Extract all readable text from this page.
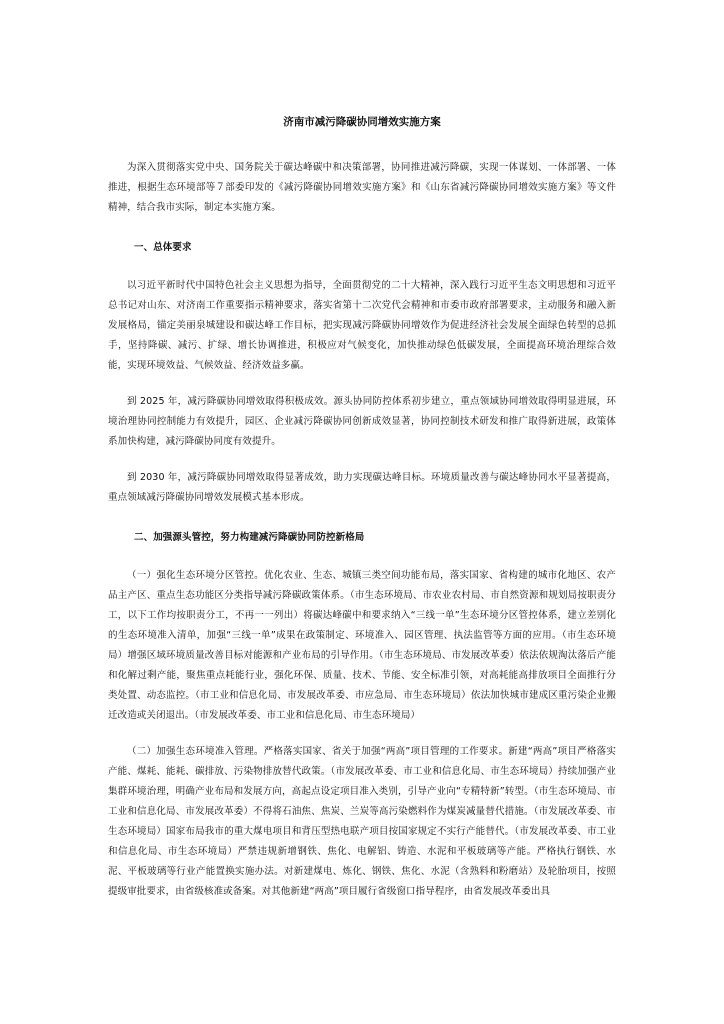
济南市减污降碳协同增效实施方案

为深入贯彻落实党中央、国务院关于碳达峰碳中和决策部署，协同推进减污降碳，实现一体谋划、一体部署、一体推进，根据生态环境部等７部委印发的《减污降碳协同增效实施方案》和《山东省减污降碳协同增效实施方案》等文件精神，结合我市实际，制定本实施方案。

一、总体要求

以习近平新时代中国特色社会主义思想为指导，全面贯彻党的二十大精神，深入践行习近平生态文明思想和习近平总书记对山东、对济南工作重要指示精神要求，落实省第十二次党代会精神和市委市政府部署要求，主动服务和融入新发展格局，锚定美丽泉城建设和碳达峰工作目标，把实现减污降碳协同增效作为促进经济社会发展全面绿色转型的总抓手，坚持降碳、减污、扩绿、增长协调推进，积极应对气候变化，加快推动绿色低碳发展，全面提高环境治理综合效能，实现环境效益、气候效益、经济效益多赢。

到 2025 年，减污降碳协同增效取得积极成效。源头协同防控体系初步建立，重点领域协同增效取得明显进展，环境治理协同控制能力有效提升，园区、企业减污降碳协同创新成效显著，协同控制技术研发和推广取得新进展，政策体系加快构建，减污降碳协同度有效提升。

到 2030 年，减污降碳协同增效取得显著成效，助力实现碳达峰目标。环境质量改善与碳达峰协同水平显著提高，重点领域减污降碳协同增效发展模式基本形成。

二、加强源头管控，努力构建减污降碳协同防控新格局

（一）强化生态环境分区管控。优化农业、生态、城镇三类空间功能布局，落实国家、省构建的城市化地区、农产品主产区、重点生态功能区分类指导减污降碳政策体系。（市生态环境局、市农业农村局、市自然资源和规划局按职责分工，以下工作均按职责分工，不再一一列出）将碳达峰碳中和要求纳入“三线一单”生态环境分区管控体系，建立差别化的生态环境准入清单，加强“三线一单”成果在政策制定、环境准入、园区管理、执法监管等方面的应用。（市生态环境局）增强区域环境质量改善目标对能源和产业布局的引导作用。（市生态环境局、市发展改革委）依法依规淘汰落后产能和化解过剩产能，聚焦重点耗能行业，强化环保、质量、技术、节能、安全标准引领，对高耗能高排放项目全面推行分类处置、动态监控。（市工业和信息化局、市发展改革委、市应急局、市生态环境局）依法加快城市建成区重污染企业搬迁改造或关闭退出。（市发展改革委、市工业和信息化局、市生态环境局）

（二）加强生态环境准入管理。严格落实国家、省关于加强“两高”项目管理的工作要求。新建“两高”项目严格落实产能、煤耗、能耗、碳排放、污染物排放替代政策。（市发展改革委、市工业和信息化局、市生态环境局）持续加强产业集群环境治理，明确产业布局和发展方向，高起点设定项目准入类别，引导产业向“专精特新”转型。（市生态环境局、市工业和信息化局、市发展改革委）不得将石油焦、焦炭、兰炭等高污染燃料作为煤炭减量替代措施。（市发展改革委、市生态环境局）国家布局我市的重大煤电项目和背压型热电联产项目按国家规定不实行产能替代。（市发展改革委、市工业和信息化局、市生态环境局）严禁违规新增钢铁、焦化、电解铝、铸造、水泥和平板玻璃等产能。严格执行钢铁、水泥、平板玻璃等行业产能置换实施办法。对新建煤电、炼化、钢铁、焦化、水泥（含熟料和粉磨站）及轮胎项目，按照提级审批要求，由省级核准或备案。对其他新建“两高”项目履行省级窗口指导程序，由省发展改革委出具
